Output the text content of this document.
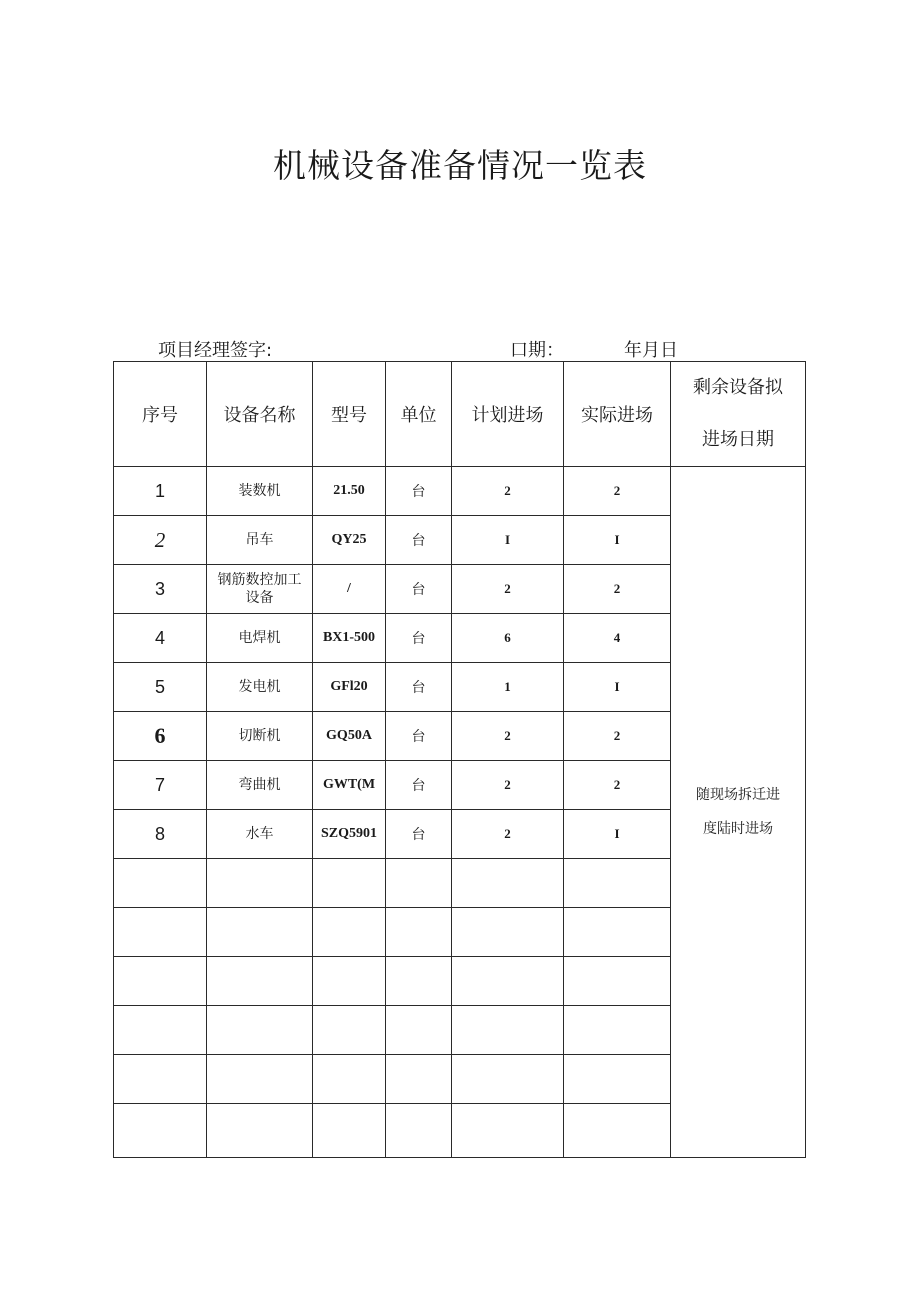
机械设备准备情况一览表
项目经理签字:	口期：	年月日
序号	设备名称	型号	单位	计划进场	实际进场	剩余设备拟
进场日期
1	装数机	21.50	台	2	2	随现场拆迁进
度陆时进场
2	吊车	QY25	台	I	I	
3	钢筋数控加工
设备	/	台	2	2	
4	电焊机	BX1-500	台	6	4	
5	发电机	GFl20	台	1	I	
6	切断机	GQ50A	台	2	2	
7	弯曲机	GWT(M	台	2	2	
8	水车	SZQ5901	台	2	I	
